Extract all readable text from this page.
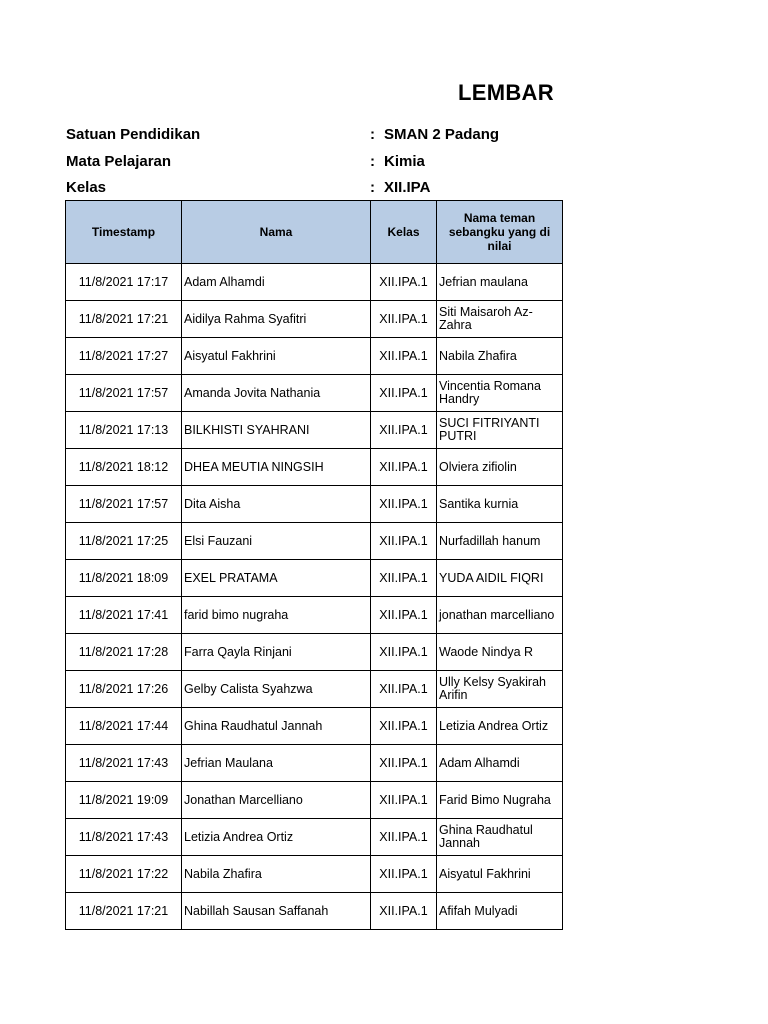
LEMBAR
Satuan Pendidikan	: SMAN 2 Padang
Mata Pelajaran	: Kimia
Kelas	: XII.IPA
Timestamp	Nama	Kelas	Nama teman sebangku yang di nilai
11/8/2021 17:17	Adam Alhamdi	XII.IPA.1	Jefrian maulana
11/8/2021 17:21	Aidilya Rahma Syafitri	XII.IPA.1	Siti Maisaroh Az-Zahra
11/8/2021 17:27	Aisyatul Fakhrini	XII.IPA.1	Nabila Zhafira
11/8/2021 17:57	Amanda Jovita Nathania	XII.IPA.1	Vincentia Romana Handry
11/8/2021 17:13	BILKHISTI SYAHRANI	XII.IPA.1	SUCI FITRIYANTI PUTRI
11/8/2021 18:12	DHEA MEUTIA NINGSIH	XII.IPA.1	Olviera zifiolin
11/8/2021 17:57	Dita Aisha	XII.IPA.1	Santika kurnia
11/8/2021 17:25	Elsi Fauzani	XII.IPA.1	Nurfadillah hanum
11/8/2021 18:09	EXEL PRATAMA	XII.IPA.1	YUDA AIDIL FIQRI
11/8/2021 17:41	farid bimo nugraha	XII.IPA.1	jonathan marcelliano
11/8/2021 17:28	Farra Qayla Rinjani	XII.IPA.1	Waode Nindya R
11/8/2021 17:26	Gelby Calista Syahzwa	XII.IPA.1	Ully Kelsy Syakirah Arifin
11/8/2021 17:44	Ghina Raudhatul Jannah	XII.IPA.1	Letizia Andrea Ortiz
11/8/2021 17:43	Jefrian Maulana	XII.IPA.1	Adam Alhamdi
11/8/2021 19:09	Jonathan Marcelliano	XII.IPA.1	Farid Bimo Nugraha
11/8/2021 17:43	Letizia Andrea Ortiz	XII.IPA.1	Ghina Raudhatul Jannah
11/8/2021 17:22	Nabila Zhafira	XII.IPA.1	Aisyatul Fakhrini
11/8/2021 17:21	Nabillah Sausan Saffanah	XII.IPA.1	Afifah Mulyadi
